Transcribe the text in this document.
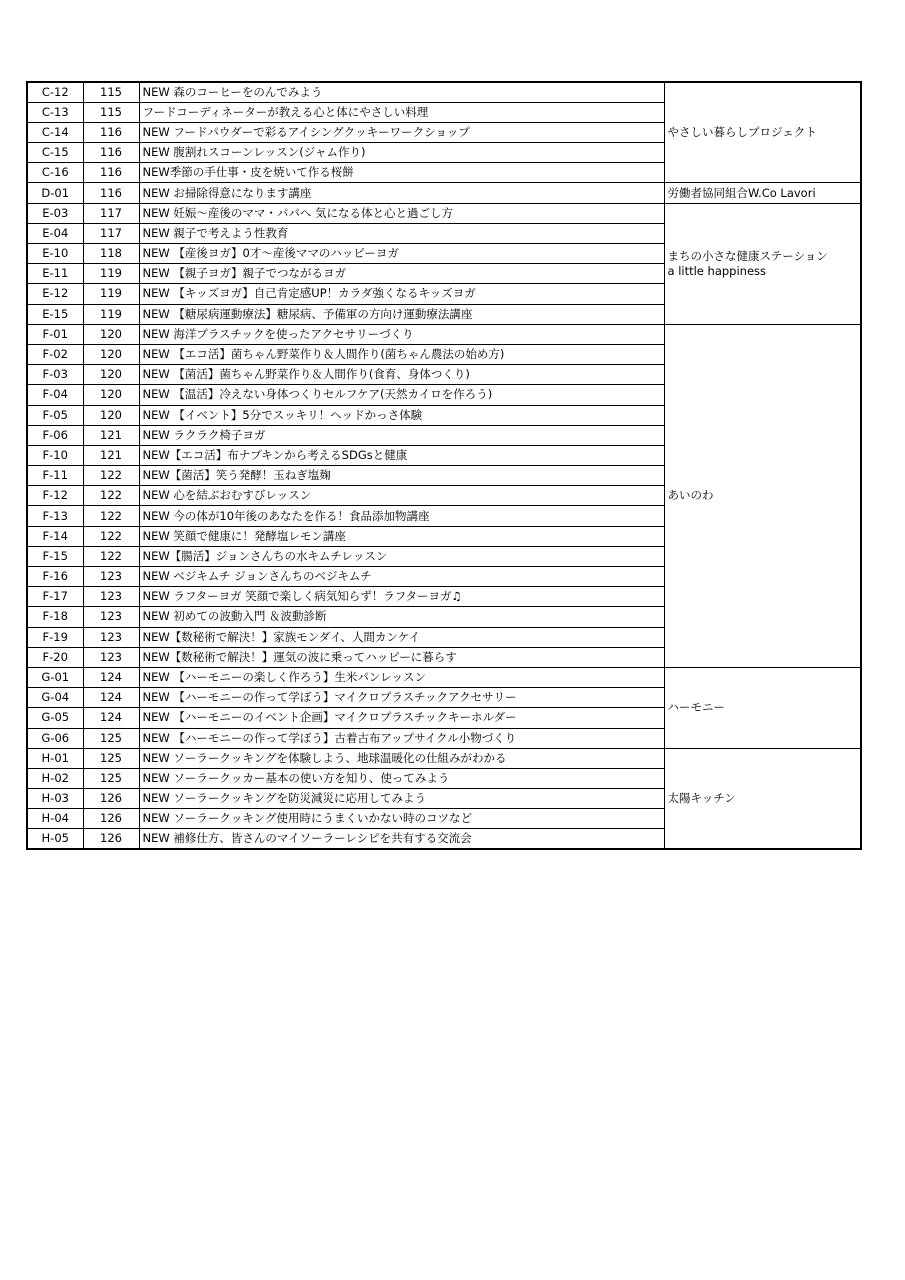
C-12	115	NEW 森のコーヒーをのんでみよう	やさしい暮らしプロジェクト

C-13	115	フードコーディネーターが教える心と体にやさしい料理	
C-14	116	NEW フードパウダーで彩るアイシングクッキーワークショップ	
C-15	116	NEW 腹割れスコーンレッスン(ジャム作り)	
C-16	116	NEW季節の手仕事・皮を焼いて作る桜餅	
D-01	116	NEW お掃除得意になります講座	労働者協同組合W.Co Lavori

E-03	117	NEW 妊娠～産後のママ・パパへ 気になる体と心と過ごし方	まちの小さな健康ステーション
a little happiness

E-04	117	NEW 親子で考えよう性教育	
E-10	118	NEW 【産後ヨガ】0才～産後ママのハッピーヨガ	
E-11	119	NEW 【親子ヨガ】親子でつながるヨガ	
E-12	119	NEW 【キッズヨガ】自己肯定感UP！カラダ強くなるキッズヨガ	
E-15	119	NEW 【糖尿病運動療法】糖尿病、予備軍の方向け運動療法講座	
F-01	120	NEW 海洋プラスチックを使ったアクセサリーづくり	あいのわ

F-02	120	NEW 【エコ活】菌ちゃん野菜作り＆人間作り(菌ちゃん農法の始め方)	
F-03	120	NEW 【菌活】菌ちゃん野菜作り＆人間作り(食育、身体つくり)	
F-04	120	NEW 【温活】冷えない身体つくりセルフケア(天然カイロを作ろう)	
F-05	120	NEW 【イベント】5分でスッキリ！ヘッドかっさ体験	
F-06	121	NEW ラクラク椅子ヨガ	
F-10	121	NEW【エコ活】布ナプキンから考えるSDGsと健康	
F-11	122	NEW【菌活】笑う発酵！玉ねぎ塩麹	
F-12	122	NEW 心を結ぶおむすびレッスン	
F-13	122	NEW 今の体が10年後のあなたを作る！食品添加物講座	
F-14	122	NEW 笑顔で健康に！発酵塩レモン講座	
F-15	122	NEW【腸活】ジョンさんちの水キムチレッスン	
F-16	123	NEW ベジキムチ ジョンさんちのベジキムチ	
F-17	123	NEW ラフターヨガ 笑顔で楽しく病気知らず！ラフターヨガ♫	
F-18	123	NEW 初めての波動入門 ＆波動診断	
F-19	123	NEW【数秘術で解決！】家族モンダイ、人間カンケイ	
F-20	123	NEW【数秘術で解決！】運気の波に乗ってハッピーに暮らす	
G-01	124	NEW 【ハーモニーの楽しく作ろう】生米パンレッスン	ハーモニー

G-04	124	NEW 【ハーモニーの作って学ぼう】マイクロプラスチックアクセサリー	
G-05	124	NEW 【ハーモニーのイベント企画】マイクロプラスチックキーホルダー	
G-06	125	NEW 【ハーモニーの作って学ぼう】古着古布アップサイクル小物づくり	
H-01	125	NEW ソーラークッキングを体験しよう、地球温暖化の仕組みがわかる	太陽キッチン

H-02	125	NEW ソーラークッカー基本の使い方を知り、使ってみよう	
H-03	126	NEW ソーラークッキングを防災減災に応用してみよう	
H-04	126	NEW ソーラークッキング使用時にうまくいかない時のコツなど	
H-05	126	NEW 補修仕方、皆さんのマイソーラーレシピを共有する交流会	
